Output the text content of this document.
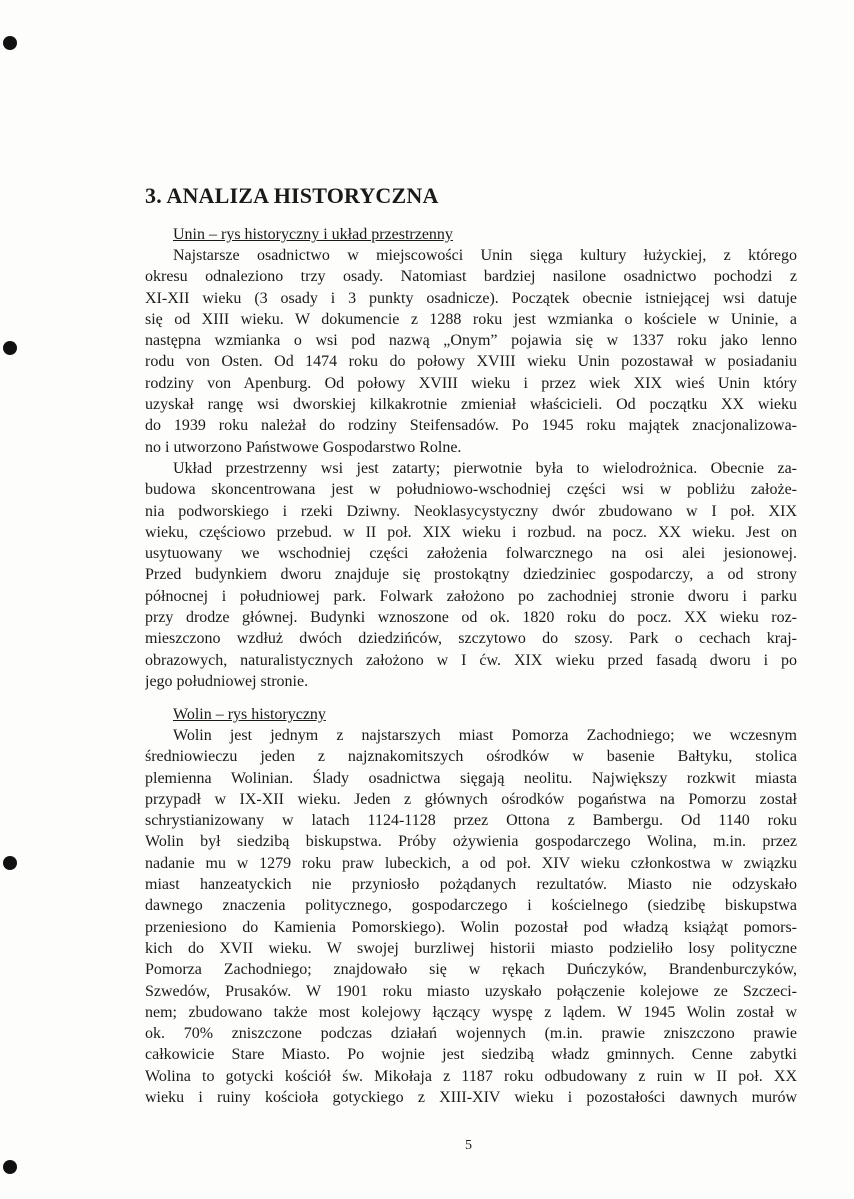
3. ANALIZA HISTORYCZNA
Unin – rys historyczny i układ przestrzenny
Najstarsze osadnictwo w miejscowości Unin sięga kultury łużyckiej, z którego
okresu odnaleziono trzy osady. Natomiast bardziej nasilone osadnictwo pochodzi z
XI-XII wieku (3 osady i 3 punkty osadnicze). Początek obecnie istniejącej wsi datuje
się od XIII wieku. W dokumencie z 1288 roku jest wzmianka o kościele w Uninie, a
następna wzmianka o wsi pod nazwą „Onym” pojawia się w 1337 roku jako lenno
rodu von Osten. Od 1474 roku do połowy XVIII wieku Unin pozostawał w posiadaniu
rodziny von Apenburg. Od połowy XVIII wieku i przez wiek XIX wieś Unin który
uzyskał rangę wsi dworskiej kilkakrotnie zmieniał właścicieli. Od początku XX wieku
do 1939 roku należał do rodziny Steifensadów. Po 1945 roku majątek znacjonalizowa-
no i utworzono Państwowe Gospodarstwo Rolne.
Układ przestrzenny wsi jest zatarty; pierwotnie była to wielodrożnica. Obecnie za-
budowa skoncentrowana jest w południowo-wschodniej części wsi w pobliżu założe-
nia podworskiego i rzeki Dziwny. Neoklasycystyczny dwór zbudowano w I poł. XIX
wieku, częściowo przebud. w II poł. XIX wieku i rozbud. na pocz. XX wieku. Jest on
usytuowany we wschodniej części założenia folwarcznego na osi alei jesionowej.
Przed budynkiem dworu znajduje się prostokątny dziedziniec gospodarczy, a od strony
północnej i południowej park. Folwark założono po zachodniej stronie dworu i parku
przy drodze głównej. Budynki wznoszone od ok. 1820 roku do pocz. XX wieku roz-
mieszczono wzdłuż dwóch dziedzińców, szczytowo do szosy. Park o cechach kraj-
obrazowych, naturalistycznych założono w I ćw. XIX wieku przed fasadą dworu i po
jego południowej stronie.
Wolin – rys historyczny
Wolin jest jednym z najstarszych miast Pomorza Zachodniego; we wczesnym
średniowieczu jeden z najznakomitszych ośrodków w basenie Bałtyku, stolica
plemienna Wolinian. Ślady osadnictwa sięgają neolitu. Największy rozkwit miasta
przypadł w IX-XII wieku. Jeden z głównych ośrodków pogaństwa na Pomorzu został
schrystianizowany w latach 1124-1128 przez Ottona z Bambergu. Od 1140 roku
Wolin był siedzibą biskupstwa. Próby ożywienia gospodarczego Wolina, m.in. przez
nadanie mu w 1279 roku praw lubeckich, a od poł. XIV wieku członkostwa w związku
miast hanzeatyckich nie przyniosło pożądanych rezultatów. Miasto nie odzyskało
dawnego znaczenia politycznego, gospodarczego i kościelnego (siedzibę biskupstwa
przeniesiono do Kamienia Pomorskiego). Wolin pozostał pod władzą książąt pomors-
kich do XVII wieku. W swojej burzliwej historii miasto podzieliło losy polityczne
Pomorza Zachodniego; znajdowało się w rękach Duńczyków, Brandenburczyków,
Szwedów, Prusaków. W 1901 roku miasto uzyskało połączenie kolejowe ze Szczeci-
nem; zbudowano także most kolejowy łączący wyspę z lądem. W 1945 Wolin został w
ok. 70% zniszczone podczas działań wojennych (m.in. prawie zniszczono prawie
całkowicie Stare Miasto. Po wojnie jest siedzibą władz gminnych. Cenne zabytki
Wolina to gotycki kościół św. Mikołaja z 1187 roku odbudowany z ruin w II poł. XX
wieku i ruiny kościoła gotyckiego z XIII-XIV wieku i pozostałości dawnych murów
5
